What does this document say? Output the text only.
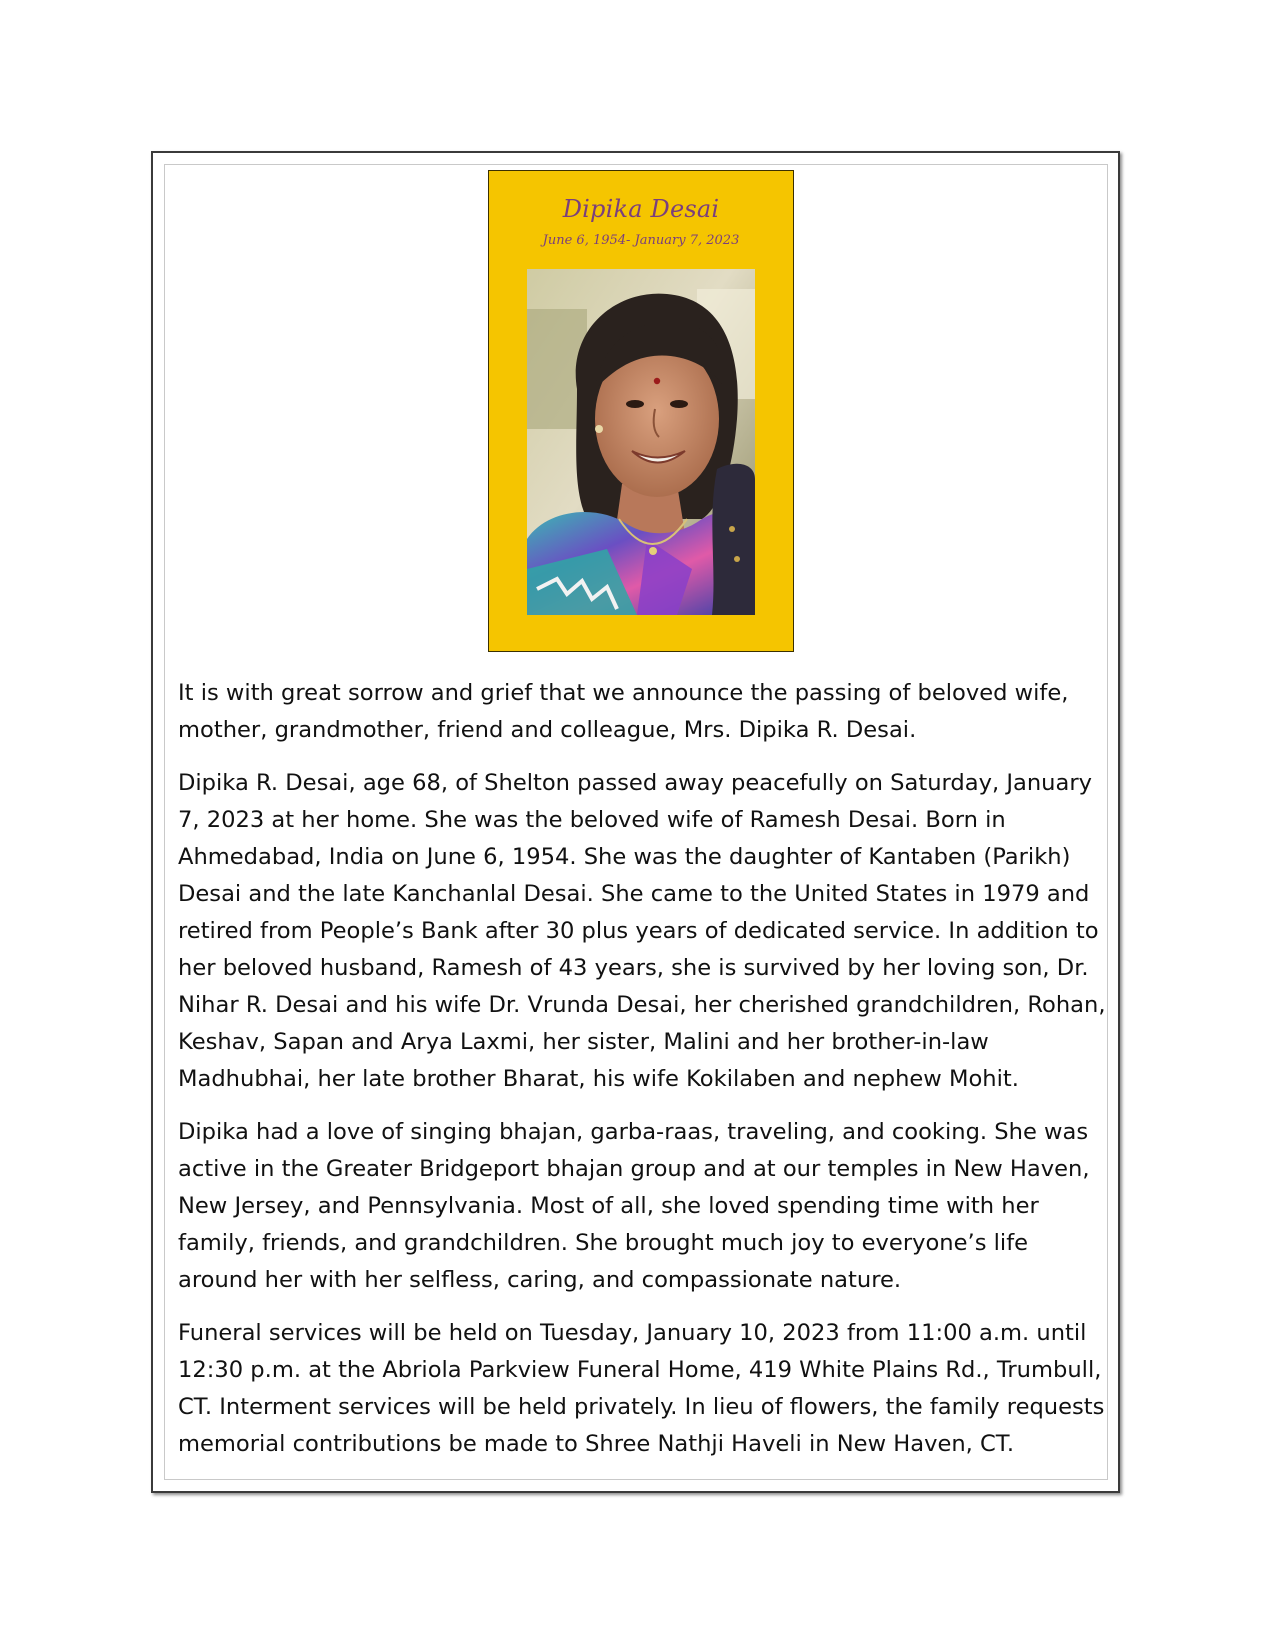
Dipika Desai
June 6, 1954- January 7, 2023

It is with great sorrow and grief that we announce the passing of beloved wife, mother, grandmother, friend and colleague, Mrs. Dipika R. Desai.

Dipika R. Desai, age 68, of Shelton passed away peacefully on Saturday, January 7, 2023 at her home. She was the beloved wife of Ramesh Desai. Born in Ahmedabad, India on June 6, 1954. She was the daughter of Kantaben (Parikh) Desai and the late Kanchanlal Desai. She came to the United States in 1979 and retired from People’s Bank after 30 plus years of dedicated service. In addition to her beloved husband, Ramesh of 43 years, she is survived by her loving son, Dr. Nihar R. Desai and his wife Dr. Vrunda Desai, her cherished grandchildren, Rohan, Keshav, Sapan and Arya Laxmi, her sister, Malini and her brother-in-law Madhubhai, her late brother Bharat, his wife Kokilaben and nephew Mohit.

Dipika had a love of singing bhajan, garba-raas, traveling, and cooking. She was active in the Greater Bridgeport bhajan group and at our temples in New Haven, New Jersey, and Pennsylvania. Most of all, she loved spending time with her family, friends, and grandchildren. She brought much joy to everyone’s life around her with her selfless, caring, and compassionate nature.

Funeral services will be held on Tuesday, January 10, 2023 from 11:00 a.m. until 12:30 p.m. at the Abriola Parkview Funeral Home, 419 White Plains Rd., Trumbull, CT. Interment services will be held privately. In lieu of flowers, the family requests memorial contributions be made to Shree Nathji Haveli in New Haven, CT.
